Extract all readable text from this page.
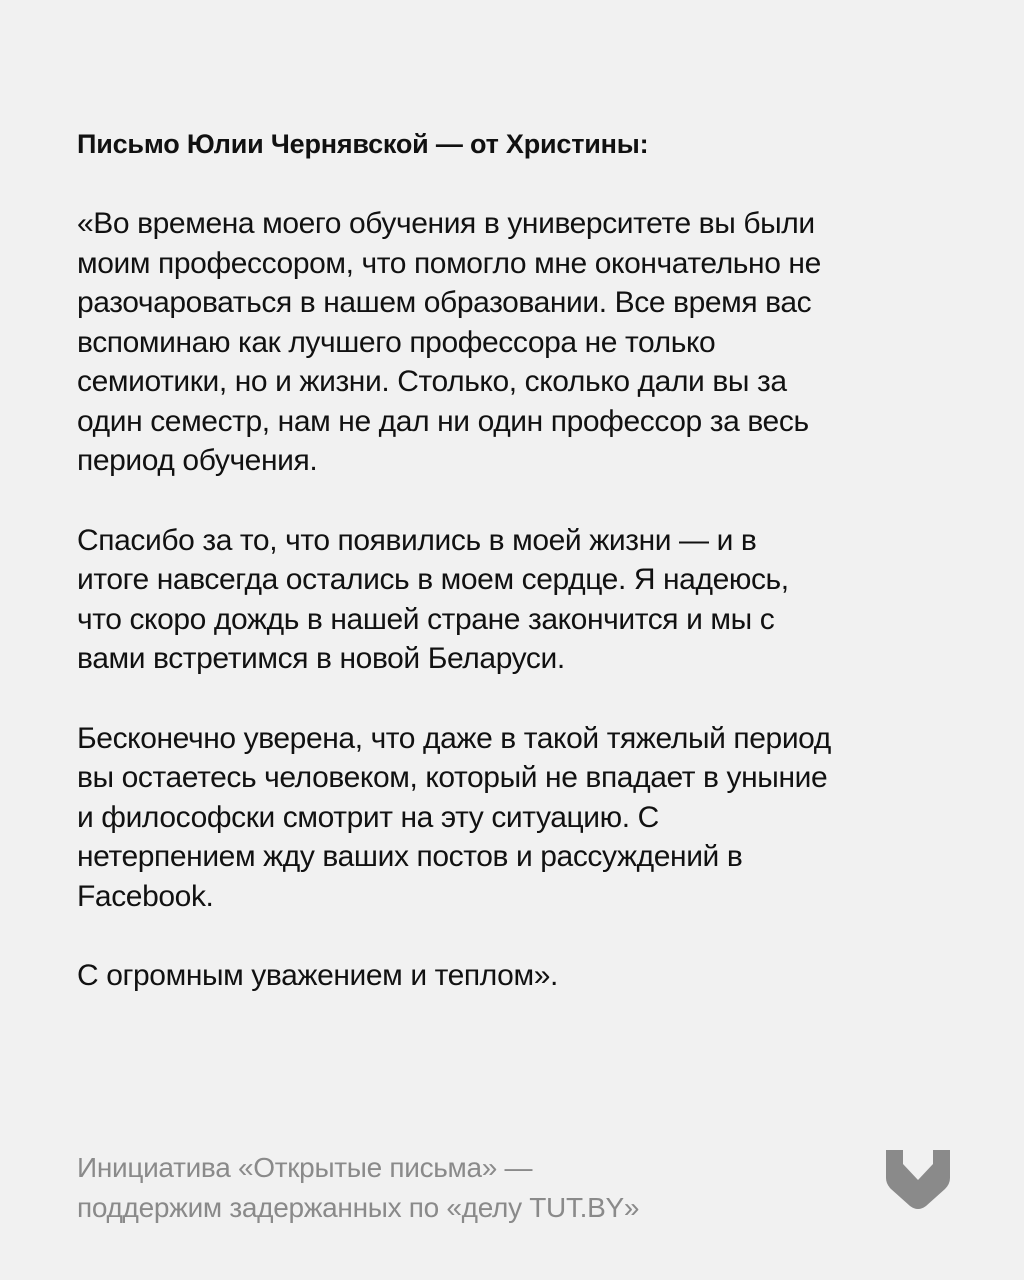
Письмо Юлии Чернявской — от Христины:

«Во времена моего обучения в университете вы были
моим профессором, что помогло мне окончательно не
разочароваться в нашем образовании. Все время вас
вспоминаю как лучшего профессора не только
семиотики, но и жизни. Столько, сколько дали вы за
один семестр, нам не дал ни один профессор за весь
период обучения.

Спасибо за то, что появились в моей жизни — и в
итоге навсегда остались в моем сердце. Я надеюсь,
что скоро дождь в нашей стране закончится и мы с
вами встретимся в новой Беларуси.

Бесконечно уверена, что даже в такой тяжелый период
вы остаетесь человеком, который не впадает в уныние
и философски смотрит на эту ситуацию. С
нетерпением жду ваших постов и рассуждений в
Facebook.

С огромным уважением и теплом».

Инициатива «Открытые письма» —
поддержим задержанных по «делу TUT.BY»
